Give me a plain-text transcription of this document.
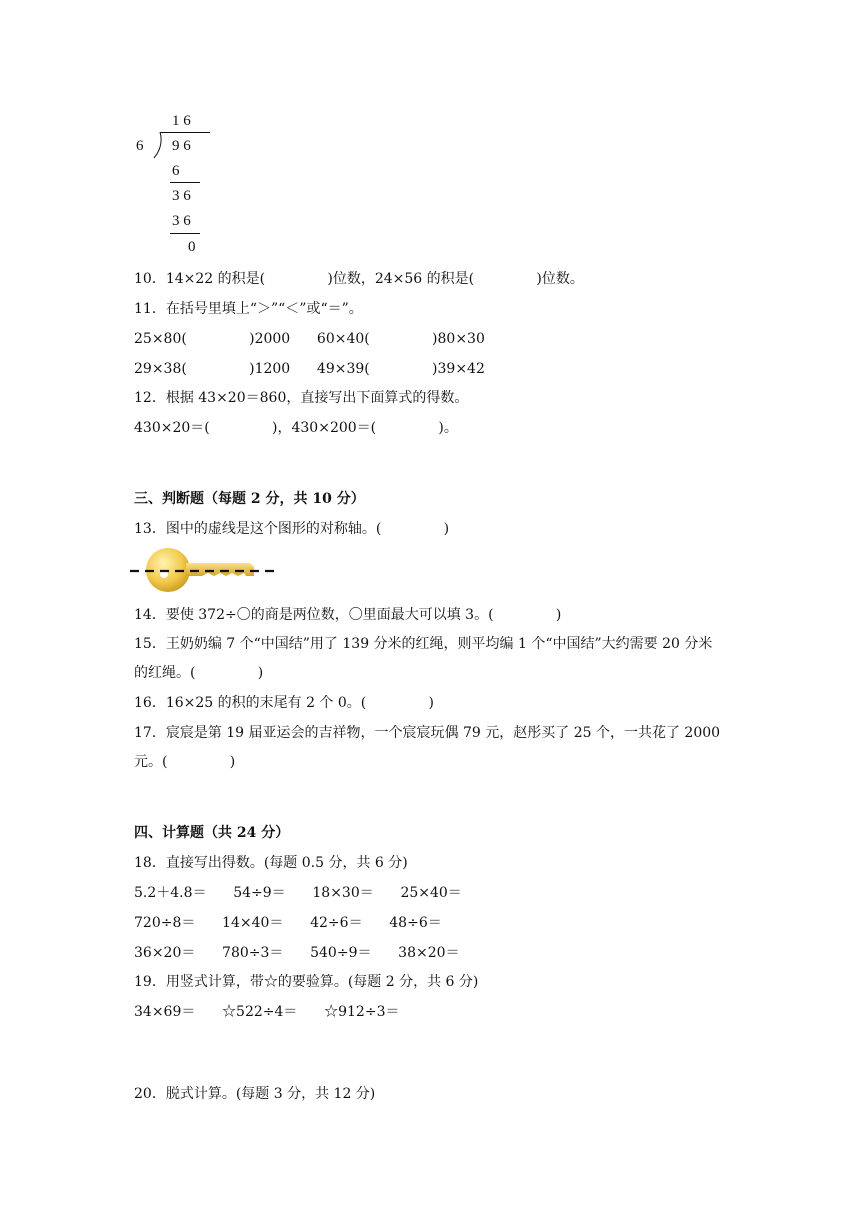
1 6
6 9 6
6
3 6
3 6
0
10．14×22 的积是(              )位数，24×56 的积是(              )位数。
11．在括号里填上“＞”“＜”或“＝”。
25×80(              )2000      60×40(              )80×30
29×38(              )1200      49×39(              )39×42
12．根据 43×20＝860，直接写出下面算式的得数。
430×20＝(              )，430×200＝(              )。
三、判断题（每题 2 分，共 10 分）
13．图中的虚线是这个图形的对称轴。(              )
14．要使 372÷〇的商是两位数，〇里面最大可以填 3。(              )
15．王奶奶编 7 个“中国结”用了 139 分米的红绳，则平均编 1 个“中国结”大约需要 20 分米
的红绳。(              )
16．16×25 的积的末尾有 2 个 0。(              )
17．宸宸是第 19 届亚运会的吉祥物，一个宸宸玩偶 79 元，赵彤买了 25 个，一共花了 2000
元。(              )
四、计算题（共 24 分）
18．直接写出得数。(每题 0.5 分，共 6 分)
5.2＋4.8＝      54÷9＝      18×30＝      25×40＝
720÷8＝      14×40＝      42÷6＝      48÷6＝
36×20＝      780÷3＝      540÷9＝      38×20＝
19．用竖式计算，带☆的要验算。(每题 2 分，共 6 分)
34×69＝      ☆522÷4＝      ☆912÷3＝
20．脱式计算。(每题 3 分，共 12 分)
